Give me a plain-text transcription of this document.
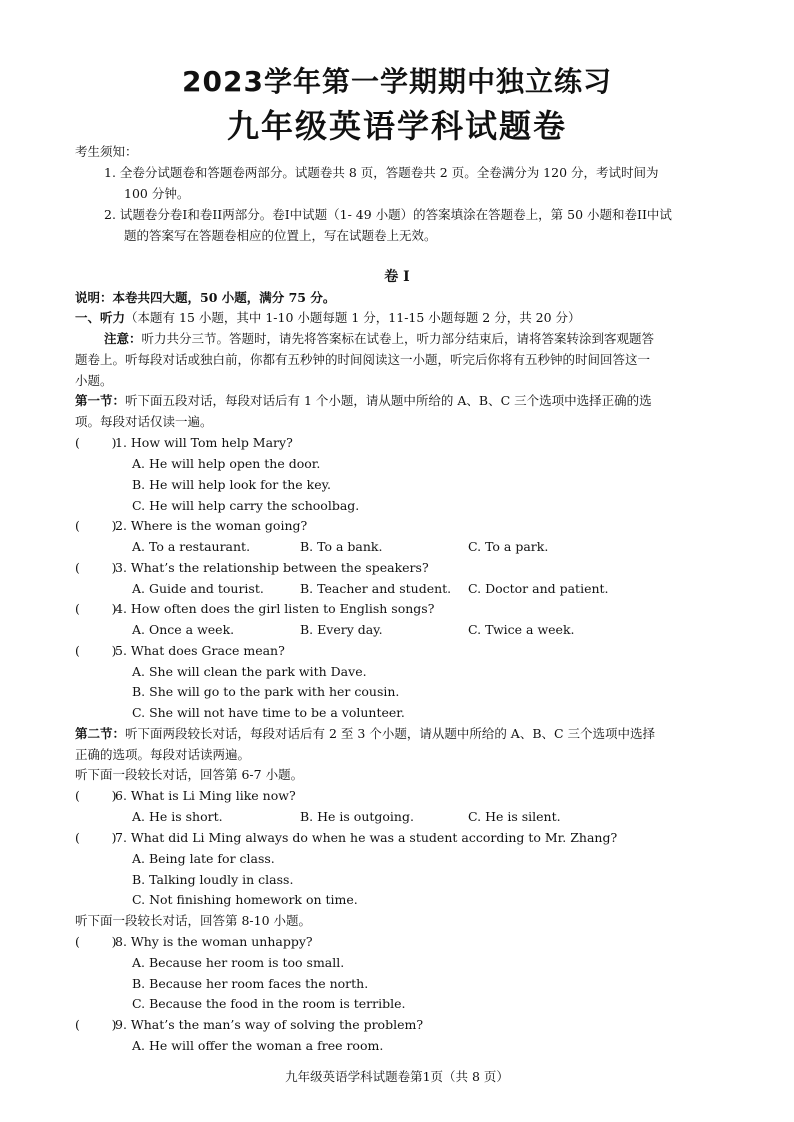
2023学年第一学期期中独立练习
九年级英语学科试题卷
考生须知：
1. 全卷分试题卷和答题卷两部分。试题卷共 8 页，答题卷共 2 页。全卷满分为 120 分，考试时间为
100 分钟。
2. 试题卷分卷I和卷II两部分。卷I中试题（1- 49 小题）的答案填涂在答题卷上，第 50 小题和卷II中试
题的答案写在答题卷相应的位置上，写在试题卷上无效。
卷 I
说明：本卷共四大题，50 小题，满分 75 分。
一、听力（本题有 15 小题，其中 1-10 小题每题 1 分，11-15 小题每题 2 分，共 20 分）
注意：听力共分三节。答题时，请先将答案标在试卷上，听力部分结束后，请将答案转涂到客观题答
题卷上。听每段对话或独白前，你都有五秒钟的时间阅读这一小题，听完后你将有五秒钟的时间回答这一
小题。
第一节：听下面五段对话，每段对话后有 1 个小题，请从题中所给的 A、B、C 三个选项中选择正确的选
项。每段对话仅读一遍。
(        )
1. How will Tom help Mary?
A. He will help open the door.
B. He will help look for the key.
C. He will help carry the schoolbag.
(        )
2. Where is the woman going?
A. To a restaurant.	B. To a bank.	C. To a park.
(        )
3. What’s the relationship between the speakers?
A. Guide and tourist.	B. Teacher and student. C. Doctor and patient.
(        )
4. How often does the girl listen to English songs?
A. Once a week.	B. Every day.	C. Twice a week.
(        )
5. What does Grace mean?
A. She will clean the park with Dave.
B. She will go to the park with her cousin.
C. She will not have time to be a volunteer.
第二节：听下面两段较长对话，每段对话后有 2 至 3 个小题，请从题中所给的 A、B、C 三个选项中选择
正确的选项。每段对话读两遍。
听下面一段较长对话，回答第 6-7 小题。
(        )
6. What is Li Ming like now?
A. He is short.	B. He is outgoing.	C. He is silent.
(        )
7. What did Li Ming always do when he was a student according to Mr. Zhang?
A. Being late for class.
B. Talking loudly in class.
C. Not finishing homework on time.
听下面一段较长对话，回答第 8-10 小题。
(        )
8. Why is the woman unhappy?
A. Because her room is too small.
B. Because her room faces the north.
C. Because the food in the room is terrible.
(        )
9. What’s the man’s way of solving the problem?
A. He will offer the woman a free room.
九年级英语学科试题卷第1页（共 8 页）
